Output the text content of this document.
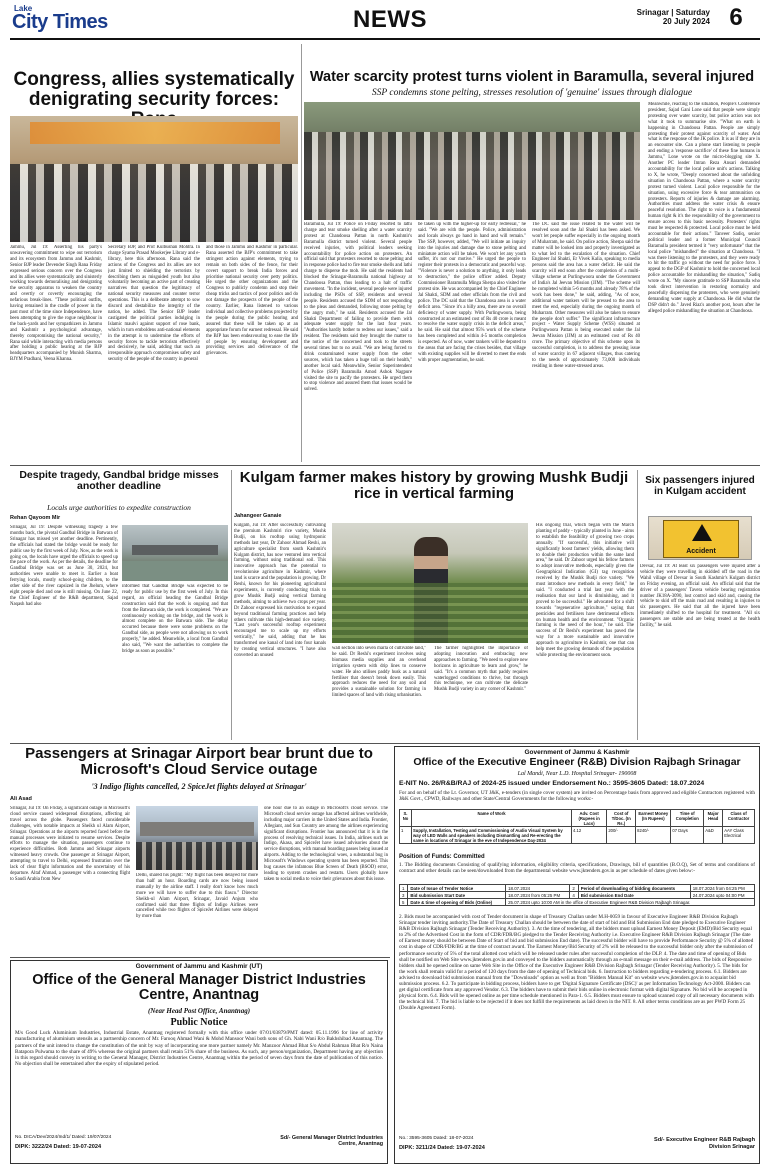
Lake
City Times	NEWS	Srinagar | Saturday
20 July 2024 6
Congress, allies systematically denigrating security forces:
Jammu, Jul 19: Asserting his party's unwavering commitment to wipe out terrorism and its ecosystem from Jammu and Kashmir, Senior BJP leader Devender Singh Rana Friday expressed serious concern over the Congress and its allies were systematically and sinisterly working towards demoralising and denigrating the security apparatus to weaken the country and overtly or covertly encouraging the nefarious break-lines. "These political outfits, having remained in the cradle of power in the past most of the time since Independence, have been attempting to give the rogue neighbour in the back-yards and her sympathizers in Jammu and Kashmir a psychological advantage, thereby compromising the national security," Rana said while interacting with media persons after holding a public hearing at the BJP headquarters accompanied by Munish Sharma, BJYM Pradhani, Veena Khanna.
Secretary BJP, and Prof Kulbushan Mohtra. In charge Syama Prasad Mookerjee Library and e-library, here this afternoon. Rana said the actions of the Congress and its allies are not just limited to shielding the terrorists by describing them as misguided youth but also voluntarily becoming an active part of creating narratives that question the legitimacy of national security measures and counter terror operations. This is a deliberate attempt to sow discord and destabilize the integrity of the nation, he added. The Senior BJP leader castigated the political parties indulging in Islamic maulvi against support of rose bank, which in turn emboldens anti-national elements in the attempt is to undermine the efforts of security forces to tackle terrorism effectively and decisively, he said, adding that such an irresponsible approach compromises safety and security of the people of the country in general
and those in Jammu and Kashmir in particular. Rana asserted the BJP's commitment to take stringent action against elements, trying to remain on both sides of the fence, for their covert support to break India forces and prioritise national security over petty politics. He urged the other organizations and the Congress to publicly condemn and stop their cheap tricks and tactics of poor politics and do not damage the prospects of the people of the country. Earlier, Rana listened to various individual and collective problems projected by the people during the public hearing and assured that these will be taken up at an appropriate forum for earnest redressal. He said the BJP has been endeavouring to ease the life of people by ensuring development and providing services and deliverance of the grievances.
Water scarcity protest turns violent in Baramulla, several injured
SSP condemns stone pelting, stresses resolution of 'genuine' issues through dialogue
Baramulla, Jul 19: Police on Friday resorted to lathi charge and tear smoke shelling after a water scarcity protest at Chandoosa Pattan in north Kashmir's Baramulla district turned violent. Several people received injuries, with political leaders seeking accountability for police action on protesters. An official said that protesters resorted to stone pelting and in response police had to fire tear smoke shells and lathi charge to disperse the mob. He said the residents had blocked the Srinagar-Baramulla national highway at Chandoosa Pattan, thus leading to a halt of traffic movement. "In the incident, several people were injured including the PSOs of SSP, residents and several people. Residents accused the SDM of not responding to the pleas and demanded, following stone pelting by the angry mob," he said. Residents accused the Jal Shakti Department of failing to provide them with adequate water supply for the last four years. "Authorities hardly bother to redress our issues," said a resident. The residents said they brought the matter to the notice of the concerned and took to the streets several times but to no avail. "We are being forced to drink contaminated water supply from the other sources, which has taken a huge toll on their health," another local said. Meanwhile, Senior Superintendent of Police (SSP) Baramulla Amod Ashok Nagpure visited the site to pacify the protesters. He urged them to stop violence and assured them that issues would be solved.
be taken up with the higher-up for early redressal," he said. "We are with the people. Police, administration and locals always go hand in hand and will remain." The SSP, however, added, "We will initiate an inquiry into the injuries and damage due to stone pelting and miniature action will be taken. We won't let any youth suffer, it's not our motive." He urged the people to register their protests in a democratic and peaceful way. "Violence is never a solution to anything, it only leads to destruction," the police officer added. Deputy Commissioner Baramulla Minga Sherpa also visited the protest site. He was accompanied by the Chief Engineer Jal Shakti, SDM and other officials from the civil and police. The DC said that the Chandoosa area is a water deficit area. "Since it's a hilly area, there are no overall deficiency of water supply. With Purlingwoora, being constructed at an estimated cost of Rs 40 crore is meant to resolve the water supply crisis in the deficit areas," he said. He said that almost 95% work of the scheme has been completed and within 4-5 months completion is expected. As of now, water tankers will be deputed to the areas that are facing the crises besides, that village with existing supplies will be diverted to meet the ends with proper augmentation, he said.
The DC said the issue related to the water will be resolved soon and the Jal Shakti has been asked. We won't let people suffer especially in the ongoing month of Muharram, he said. On police action, Sherpa said the matter will be looked into and properly investigated as to what led to the escalation of the situation. Chief Engineer Jal Shakti, Er Vivek Kalia, speaking to media persons said the area has a water deficit. He said the scarcity will end soon after the completion of a multi-village scheme at Purlingwoora under the Government of India's Jal Jeevan Mission (JJM). "The scheme will be completed within 5-6 months and already 78% of the work has been done," he said, adding, "As of now, additional water tankers will be pressed to the area to meet the end, especially during the ongoing month of Muharram. Other measures will also be taken to ensure the people don't suffer." The significant infrastructure project - Water Supply Scheme (WSS) situated at Purlingwoora Pattan is being executed under the Jal Jeevan Mission (JJM) at an estimated cost of Rs 40 crore. The primary objective of this scheme upon its successful completion, is to address the pressing issue of water scarcity in 67 adjacent villages, thus catering to the needs of approximately 73,000 individuals residing in these water-stressed areas.
Meanwhile, reacting to the situation, People's Conference president, Sajad Gani Lone said that people were simply protesting over water scarcity, but police action was not what it took to summarise site. "What on earth is happening in Chandoosa Pattan. People are simply protesting their protest against scarcity of water. And what is the response of the JK police. It is as if they are in an encounter site. Can a phone start listening to people and ending a 'response sacrifice' of these fine humans in Jammu," Lone wrote on the micro-blogging site X. Another PC leader Imran Reza Ansari demanded accountability for the local police unit's actions. Talking to X, he wrote, "Deeply concerned about the unfolding situation in Chandoosa Pattan, where a water scarcity protest turned violent. Local police responsible for the situation, using excessive force & tear ammunition on protesters. Reports of injuries & damage are alarming. Authorities must address the water crisis & ensure peaceful resolution. The right to voice is a fundamental human right & it's the responsibility of the government to ensure access to this basic necessity. Protesters' rights must be respected & protected. Local police must be held accountable for their actions." Tanveer Sadiq, senior political leader and a former Municipal Council Baramulla president termed it "very unfortunate" that the local police "mishandled" the situation at Chandoosa. "I was there listening to the protesters, and they were ready to hit the traffic go without the need for police force. I appeal to the DGP of Kashmir to hold the concerned local police accountable for mishandling the situation," Sadiq wrote on X. "My sincere gratitude to SSP Baramulla who took direct intervention in restoring normalcy and peacefully dispersing the protesters, who were genuinely demanding water supply at Chandoosa. He did what the DSP didn't do." Javed Riaz's another post, hours after he alleged police mishandling the situation at Chandoosa.
Despite tragedy, Gandbal bridge misses another deadline
Locals urge authorities to expedite construction
Rehan Qayoom Mir
Srinagar, Jul 19: Despite witnessing tragedy a few months back, the pivotal Gandbal Bridge in Batwara of Srinagar has missed yet another deadline. Pertinently, the officials had stated the bridge would be ready for public use by the first week of July. Now, as the work is going on, the locals have urged the officials to speed up the pace of the work. As per the details, the deadline for Gandbal Bridge was set as June 30, 2024, but authorities were unable to meet it. Earlier a boat ferrying locals, mostly school-going children, to the other side of the river capsized in the Jhelum, where eight people died and one is still missing. On June 22, the Chief Engineer of the R&B department, Sajad Naqash had also
informed that Gandbal Bridge was expected to be ready for public use by the first week of July. In this regard, an official heading the Gandbal Bridge construction said that the work is ongoing and that from the Batwara side, the work is completed. "We are continuously working on the bridge, and the work is almost complete on the Batwara side. The delay occurred because there were some problems on the Gandbal side, as people were not allowing us to work properly," he added. Meanwhile, a local from Gandbal also said, "We want the authorities to complete the bridge as soon as possible."
Kulgam farmer makes history by growing Mushk Budji rice in vertical farming
Jahangeer Ganaie
Kulgam, Jul 19: After successfully cultivating the premium Kashmiri rice variety, Mushk Budji, on his rooftop using hydroponic methods last year, Dr Zahoor Ahmad Reshi, an agriculture specialist from south Kashmir's Kulgam district, has now ventured into vertical farming, without using traditional soil. This innovative approach has the potential to revolutionise agriculture in Kashmir, where land is scarce and the population is growing. Dr Reshi, known for his pioneering agricultural experiments, is currently conducting trials to grow Mushk Budji using vertical farming methods, aiming to achieve two crops per year. Dr Zahoor expressed his motivation to expand beyond traditional farming practices and help others cultivate this high-demand rice variety. "Last year's successful rooftop experiment encouraged me to scale up my efforts vertically," he said, adding that he has transformed one kanal of land into four kanals by creating vertical structures. "I have also converted an unused
wall section into seven marla of cultivable land," he said. Dr Reshi's experiment involves using biomass media supplies and an overhead irrigation system with drip lines to conserve water. He also utilises paddy husk as a natural fertiliser that doesn't break down easily. This approach reduces the need for any soil and provides a sustainable solution for farming in limited spaces of land with rising urbanisation.
The farmer highlighted the importance of adopting innovation and embracing new approaches to farming. "We need to explore new horizons in agriculture to learn and grow," he said. "It's a common myth that paddy requires waterlogged conditions to thrive, but through this technique, we can cultivate the delicate Mushk Budji variety in any corner of Kashmir."
His ongoing trial, which began with the March planting of paddy - typically planted in June - aims to establish the feasibility of growing two crops annually. "If successful, this initiative will significantly boost farmers' yields, allowing them to double their production within the same land area," he said. Dr Zahoor urged his fellow farmers to adopt innovative methods, especially given the Geographical Indication (GI) tag recognition received by the Mushk Budji rice variety. "We must introduce new methods in every field," he said. "I conducted a trial last year with the realisation that our land is diminishing, and it proved to be successful." He advocated for a shift towards "regenerative agriculture," saying that pesticides and fertilisers have detrimental effects on human health and the environment. "Organic farming is the need of the hour," he said. The success of Dr Reshi's experiment has paved the way for a more sustainable and innovative approach to agriculture in Kashmir, one that can help meet the growing demands of the population while protecting the environment soon.
Six passengers injured in Kulgam accident
Accident
Devsar, Jul 19: At least six passengers were injured after a vehicle they were travelling in skidded off the road in the Wahil village of Devsar in South Kashmir's Kulgam district on Friday evening, an official said. An official said that the driver of a passengers' Tavera vehicle bearing registration number JK18A-3090, lost control and skid and, causing the vehicle to skid off the main road and resulting in injuries to six passengers. He said that all the injured have been immediately shifted to the hospital for treatment. "All six passengers are stable and are being treated at the health facility," he said.
Passengers at Srinagar Airport bear brunt due to Microsoft's Cloud Service outage
'3 Indigo flights cancelled, 2 SpiceJet flights delayed at Srinagar'
Ali Asad
Srinagar, Jul 19: On Friday, a significant outage in Microsoft's cloud service caused widespread disruptions, affecting air travel across the globe. Passengers faced considerable challenges, with notable impacts at Sheikh ul Alam Airport, Srinagar. Operations at the airports reported faced before the manual processes were initiated to resume services. Despite efforts to manage the situation, passengers continue to experience difficulties. Both Jammu and Srinagar airports witnessed heavy crowds. One passenger at Srinagar Airport, attempting to travel to Delhi, expressed frustration over the lack of clear flight information and the uncertainty of his departure. Altaf Ahmad, a passenger with a connecting flight to Saudi Arabia from New
Delhi, shared his plight: "My flight has been delayed for more than half an hour. Boarding cards are now being issued manually by the airline staff. I really don't know how much more we will have to suffer due to this fiasco." Director Sheikh-ul Alam Airport, Srinagar, Javaid Anjum who confirmed said that three flights of Indigo Airlines were cancelled while two flights of SpiceJet Airlines were delayed by more than
one hour due to an outage in Microsoft's cloud service. The Microsoft cloud service outage has affected airlines worldwide, including major carriers in the United States and India. Frontier, Allegiant, and Sun Country are among the airlines experiencing significant disruptions. Frontier has announced that it is in the process of resolving technical issues. In India, airlines such as Indigo, Akasa, and SpiceJet have issued advisories about the service disruptions, with manual boarding passes being issued at airports. Adding to the technological woes, a substantial bug in Microsoft's Windows operating system has been reported. This bug causes the infamous Blue Screen of Death (BSOD) error, leading to system crashes and restarts. Users globally have taken to social media to voice their grievances about this issue.
Government of Jammu and Kashmir (UT)
Office of the General Manager District Industries Centre, Anantnag
(Near Head Post Office, Anantnag)
Public Notice
M/s Good Luck Aluminium Industries, Industrial Estate, Anantnag registered formally with this office under 07/01/03879/PMT dated: 05.11.1996 for line of activity manufacturing of aluminium utensils as a partnership concern of Mr. Farooq Ahmad Wani & Mohd Mansoor Wani both sons of Gh. Nabi Wani R/o Bakhshibad Anantnag. The partners of the unit intend to change the constitution of the unit by way of incorporating one more partner namely Mr. Manzoor Ahmad Bhat S/o Abdul Rahman Bhat R/o Naina Batapora Pulwama to the share of 49% whereas the original partners shall retain 51% share of the business. As such, any person/organization, Department having any objection in this regard should convey in writing to the General Manager, District Industries Centre, Anantnag within the period of seven days from the date of publication of this notice. No objection shall be entertained after the expiry of stipulated period.
No. DICA/Dev/2024/Ind/1/ Dated: 19/07/2024
DIPK: 3222/24 Dated: 19-07-2024
Sd/- General Manager District Industries Centre, Anantnag
Government of Jammu & Kashmir
Office of the Executive Engineer (R&B) Division Rajbagh Srinagar
Lal Mandi, Near L.D. Hospital Srinagar- 190008
E-NIT No. 26/R&B/RAJ of 2024-25 issued under Endorsement No.: 3595-3605 Dated: 18.07.2024
For and on behalf of the Lt. Governor, UT J&K, e-tenders (in single cover system) are invited on Percentage basis from approved and eligible Contractors registered with J&K Govt., CPWD, Railways and other State/Central Governments for the following works:-
S. No	Name of Work	Adv. Cost (Rupees in Lacs)	Cost of T/Doc. (In Rs.)	Earnest Money (In Rupees)	Time of Completion	Major Head	Class of Contractor
1	Supply, Installation, Testing and Commissioning of Audio Visual System by way of LED Walls and speakers including Dismantling and Re-erecting the same in locations of Srinagar in the eve of Independence Day-2024	4.12	200/-	8240/-	07 Days	A&D	AAY Class Electrical
Position of Funds: Committed
1. The Bidding documents Consisting of qualifying information, eligibility criteria, specifications, Drawings, bill of quantities (B.O.Q), Set of terms and conditions of contract and other details can be seen/downloaded from the departmental website www.jktenders.gov.in as per schedule of dates given below:-
1	Date of Issue of Tender Notice	18.07.2024	2	Period of downloading of bidding documents	18.07.2024 from 04:25 PM
3	Bid submission Start Date	18.07.2024 from 05:25 PM	4	Bid submission End Date	24.07.2024 upto 04:00 PM
5	Date & time of opening of Bids (Online)	25.07.2024 upto 10:00 AM in the office of Executive Engineer R&B Division Rajbagh Srinagar.			
2. Bids must be accompanied with cost of Tender document in shape of Treasury Challan under M.H-0059 in favour of Executive Engineer R&B Division Rajbagh Srinagar tender inviting authority.The Date of Treasury Challan should be between the date of start of bid and Bid Submission End date pledged to Executive Engineer R&B Division Rajbagh Srinagar (Tender Receiving Authority). 3. At the time of tendering, all the bidders must upload Earnest Money Deposit (EMD)/Bid Security equal to 2% of the Advertised Cost in the form of CDR/FDR/BG pledged to the Tender Receiving Authority i.e. Executive Engineer R&B Division Rajbagh Srinagar (The date of Earnest money should be between Date of Start of bid and bid submission End date). The successful bidder will have to provide Performance Security @ 5% of allotted cost in shape of CDR/FDR/BG at the time of contract award. The Earnest Money/Bid Security of 2% will be released to the successful bidder only after the submission of performance security of 5% of the total allotted cost which will be released under rules after successful completion of the DLP. 4. The date and time of opening of Bids shall be notified on Web Site www.jktenders.gov.in and conveyed to the bidders automatically through an e-mail message on their e-mail address. The bids of Responsive bidders shall be opened online on same Web Site in the Office of the Executive Engineer R&B Division Rajbagh Srinagar (Tender Receiving Authority). 5. The bids for the work shall remain valid for a period of 120 days from the date of opening of Technical bids. 6. Instruction to bidders regarding e-tendering process. 6.1. Bidders are advised to download bid submission manual from the "Downloads" option as well as from "Bidders Manual Kit" on website www.jktenders.gov.in to acquaint bid submission process. 6.2. To participate in bidding process, bidders have to get 'Digital Signature Certificate (DSC)' as per Information Technology Act-2000. Bidders can get digital certificate from any approved Vendor. 6.3. The bidders have to submit their bids online in electronic format with digital Signature. No bid will be accepted in physical form. 6.4. Bids will be opened online as per time schedule mentioned in Para-1. 6.5. Bidders must ensure to upload scanned copy of all necessary documents with the technical bid. 7. The bid is liable to be rejected if it does not fulfill the requirements as laid down in the NIT. 8. All other terms conditions are as per PWD Form 25 (Double Agreement Form).
No.: 3595-3605 Dated: 18-07-2024
DIPK: 3211/24 Dated: 19-07-2024
Sd/- Executive Engineer R&B Rajbagh Division Srinagar
